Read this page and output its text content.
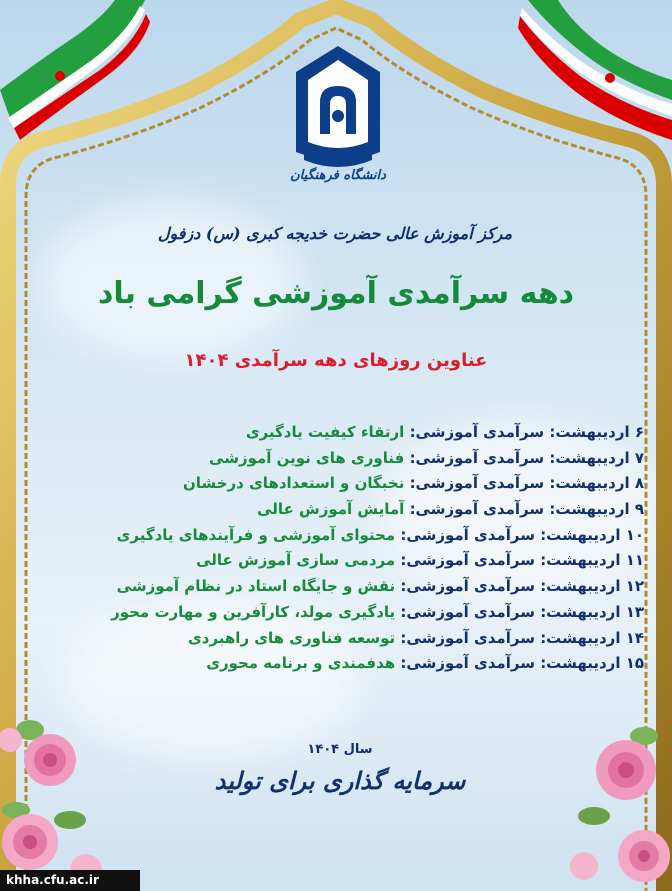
دانشگاه فرهنگیان
مرکز آموزش عالی حضرت خدیجه کبری (س) دزفول
دهه سرآمدی آموزشی گرامی باد
عناوین روزهای دهه سرآمدی ۱۴۰۴
۶ اردیبهشت: سرآمدی آموزشی: ارتقاء کیفیت یادگیری
۷ اردیبهشت: سرآمدی آموزشی: فناوری های نوین آموزشی
۸ اردیبهشت: سرآمدی آموزشی: نخبگان و استعدادهای درخشان
۹ اردیبهشت: سرآمدی آموزشی: آمایش آموزش عالی
۱۰ اردیبهشت: سرآمدی آموزشی: محتوای آموزشی و فرآیندهای یادگیری
۱۱ اردیبهشت: سرآمدی آموزشی: مردمی سازی آموزش عالی
۱۲ اردیبهشت: سرآمدی آموزشی: نقش و جایگاه استاد در نظام آموزشی
۱۳ اردیبهشت: سرآمدی آموزشی: یادگیری مولد، کارآفرین و مهارت محور
۱۴ اردیبهشت: سرآمدی آموزشی: توسعه فناوری های راهبردی
۱۵ اردیبهشت: سرآمدی آموزشی: هدفمندی و برنامه محوری
سال ۱۴۰۴
سرمایه گذاری برای تولید
khha.cfu.ac.ir
